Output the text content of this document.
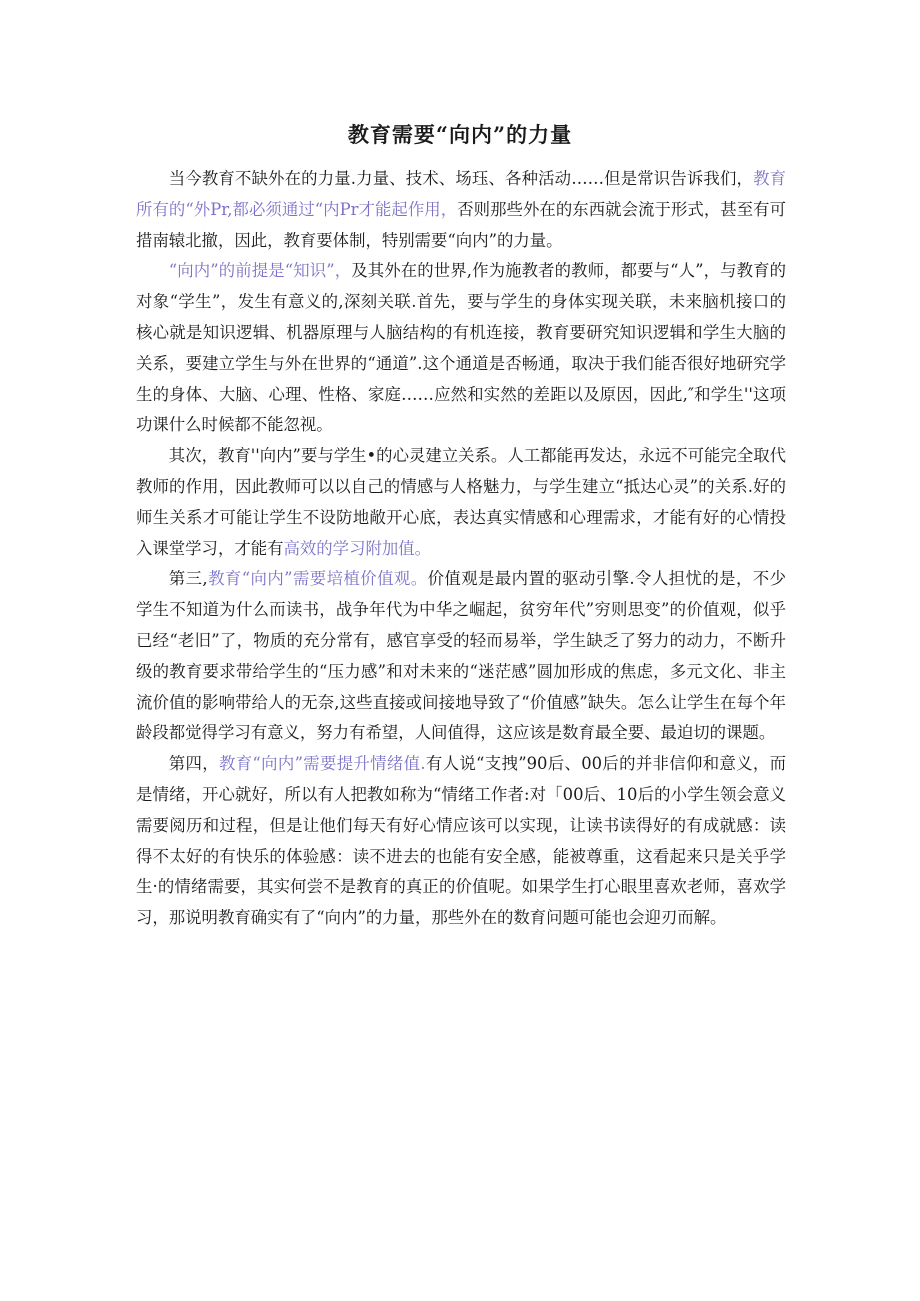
教育需要“向内”的力量

当今教育不缺外在的力量.力量、技术、场珏、各种活动……但是常识告诉我们，教育所有的“外Pr,都必须通过“内Pr才能起作用，否则那些外在的东西就会流于形式，甚至有可措南辕北撤，因此，教育要体制，特别需要“向内”的力量。

“向内”的前提是“知识”，及其外在的世界,作为施教者的教师，都要与“人”，与教育的对象“学生”，发生有意义的,深刻关联.首先，要与学生的身体实现关联，未来脑机接口的核心就是知识逻辑、机器原理与人脑结构的有机连接，教育要研究知识逻辑和学生大脑的关系，要建立学生与外在世界的“通道”.这个通道是否畅通，取决于我们能否很好地研究学生的身体、大脑、心理、性格、家庭……应然和实然的差距以及原因，因此,″和学生''这项功课什么时候都不能忽视。

其次，教育''向内”要与学生•的心灵建立关系。人工都能再发达，永远不可能完全取代教师的作用，因此教师可以以自己的情感与人格魅力，与学生建立“抵达心灵”的关系.好的师生关系才可能让学生不设防地敞开心底，表达真实情感和心理需求，才能有好的心情投入课堂学习，才能有高效的学习附加值。

第三,教育“向内”需要培植价值观。价值观是最内置的驱动引擎.令人担忧的是，不少学生不知道为什么而读书，战争年代为中华之崛起，贫穷年代”穷则思变”的价值观，似乎已经“老旧”了，物质的充分常有，感官享受的轻而易举，学生缺乏了努力的动力，不断升级的教育要求带给学生的“压力感”和对未来的“迷茫感”圆加形成的焦虑，多元文化、非主流价值的影响带给人的无奈,这些直接或间接地导致了“价值感”缺失。怎么让学生在每个年龄段都觉得学习有意义，努力有希望，人间值得，这应该是数育最全要、最迫切的课题。

第四，教育“向内”需要提升情绪值.有人说“支拽”90后、00后的并非信仰和意义，而是情绪，开心就好，所以有人把教如称为“情绪工作者:对「00后、10后的小学生领会意义需要阅历和过程，但是让他们每天有好心情应该可以实现，让读书读得好的有成就感：读得不太好的有快乐的体验感：读不进去的也能有安全感，能被尊重，这看起来只是关乎学生·的情绪需要，其实何尝不是教育的真正的价值呢。如果学生打心眼里喜欢老师，喜欢学习，那说明教育确实有了“向内”的力量，那些外在的数育问题可能也会迎刃而解。
